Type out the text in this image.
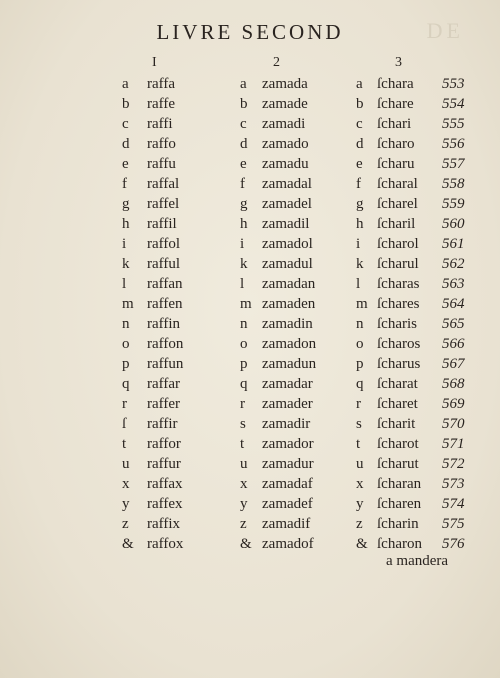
DE
LIVRE SECOND
I	2	3
a raffa	a zamada	a ſchara 553
b raffe	b zamade	b ſchare 554
c raffi	c zamadi	c ſchari 555
d raffo	d zamado	d ſcharo 556
e raffu	e zamadu	e ſcharu 557
f raffal	f zamadal	f ſcharal 558
g raffel	g zamadel	g ſcharel 559
h raffil	h zamadil	h ſcharil 560
i raffol	i zamadol	i ſcharol 561
k rafful	k zamadul	k ſcharul 562
l raffan	l zamadan	l ſcharas 563
m raffen	m zamaden	m ſchares 564
n raffin	n zamadin	n ſcharis 565
o raffon	o zamadon	o ſcharos 566
p raffun	p zamadun	p ſcharus 567
q raffar	q zamadar	q ſcharat 568
r raffer	r zamader	r ſcharet 569
ſ raffir	s zamadir	s ſcharit 570
t raffor	t zamador	t ſcharot 571
u raffur	u zamadur	u ſcharut 572
x raffax	x zamadaf	x ſcharan 573
y raffex	y zamadef	y ſcharen 574
z raffix	z zamadif	z ſcharin 575
& raffox	& zamadof	& ſcharon 576
a mandera
